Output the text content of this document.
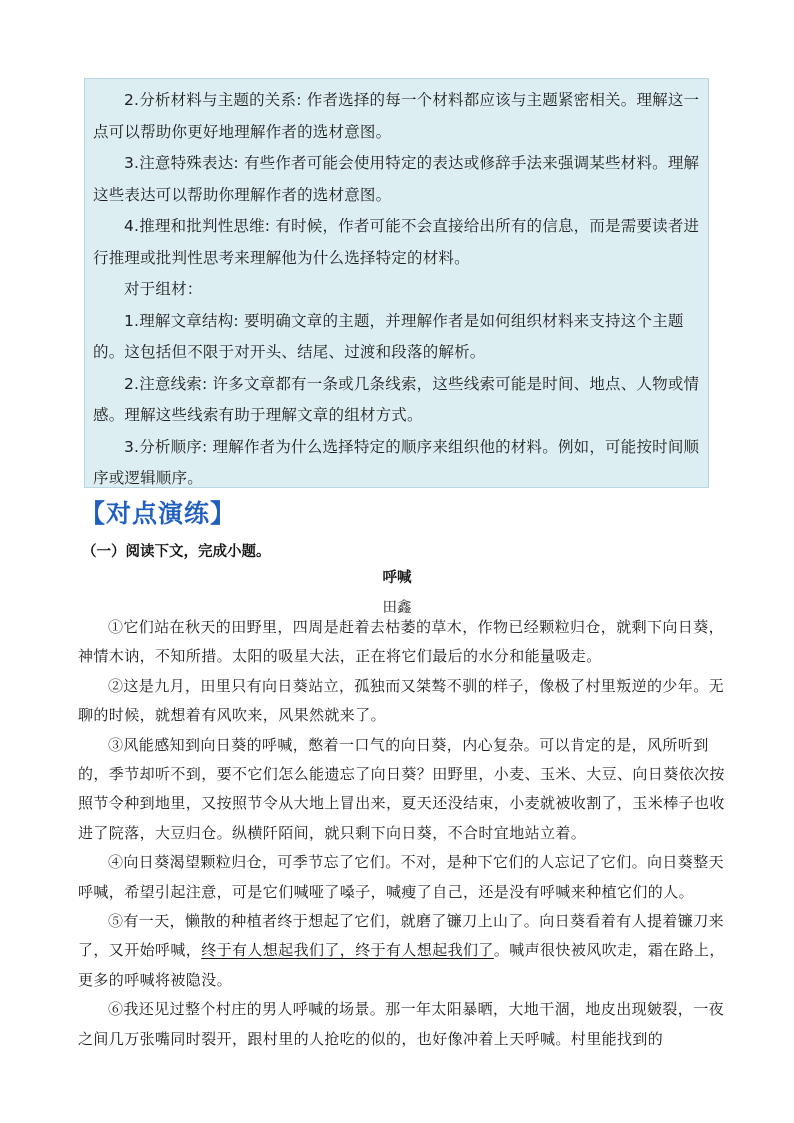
2.分析材料与主题的关系: 作者选择的每一个材料都应该与主题紧密相关。理解这一点可以帮助你更好地理解作者的选材意图。

3.注意特殊表达: 有些作者可能会使用特定的表达或修辞手法来强调某些材料。理解这些表达可以帮助你理解作者的选材意图。

4.推理和批判性思维: 有时候，作者可能不会直接给出所有的信息，而是需要读者进行推理或批判性思考来理解他为什么选择特定的材料。

对于组材：

1.理解文章结构: 要明确文章的主题，并理解作者是如何组织材料来支持这个主题的。这包括但不限于对开头、结尾、过渡和段落的解析。

2.注意线索: 许多文章都有一条或几条线索，这些线索可能是时间、地点、人物或情感。理解这些线索有助于理解文章的组材方式。

3.分析顺序: 理解作者为什么选择特定的顺序来组织他的材料。例如，可能按时间顺序或逻辑顺序。

【对点演练】

（一）阅读下文，完成小题。

呼喊

田鑫

①它们站在秋天的田野里，四周是赶着去枯萎的草木，作物已经颗粒归仓，就剩下向日葵，神情木讷，不知所措。太阳的吸星大法，正在将它们最后的水分和能量吸走。

②这是九月，田里只有向日葵站立，孤独而又桀骜不驯的样子，像极了村里叛逆的少年。无聊的时候，就想着有风吹来，风果然就来了。

③风能感知到向日葵的呼喊，憋着一口气的向日葵，内心复杂。可以肯定的是，风所听到的，季节却听不到，要不它们怎么能遗忘了向日葵？田野里，小麦、玉米、大豆、向日葵依次按照节令种到地里，又按照节令从大地上冒出来，夏天还没结束，小麦就被收割了，玉米棒子也收进了院落，大豆归仓。纵横阡陌间，就只剩下向日葵，不合时宜地站立着。

④向日葵渴望颗粒归仓，可季节忘了它们。不对，是种下它们的人忘记了它们。向日葵整天呼喊，希望引起注意，可是它们喊哑了嗓子，喊瘦了自己，还是没有呼喊来种植它们的人。

⑤有一天，懒散的种植者终于想起了它们，就磨了镰刀上山了。向日葵看着有人提着镰刀来了，又开始呼喊，终于有人想起我们了，终于有人想起我们了。喊声很快被风吹走，霜在路上，更多的呼喊将被隐没。

⑥我还见过整个村庄的男人呼喊的场景。那一年太阳暴晒，大地干涸，地皮出现皴裂，一夜之间几万张嘴同时裂开，跟村里的人抢吃的似的，也好像冲着上天呼喊。村里能找到的
